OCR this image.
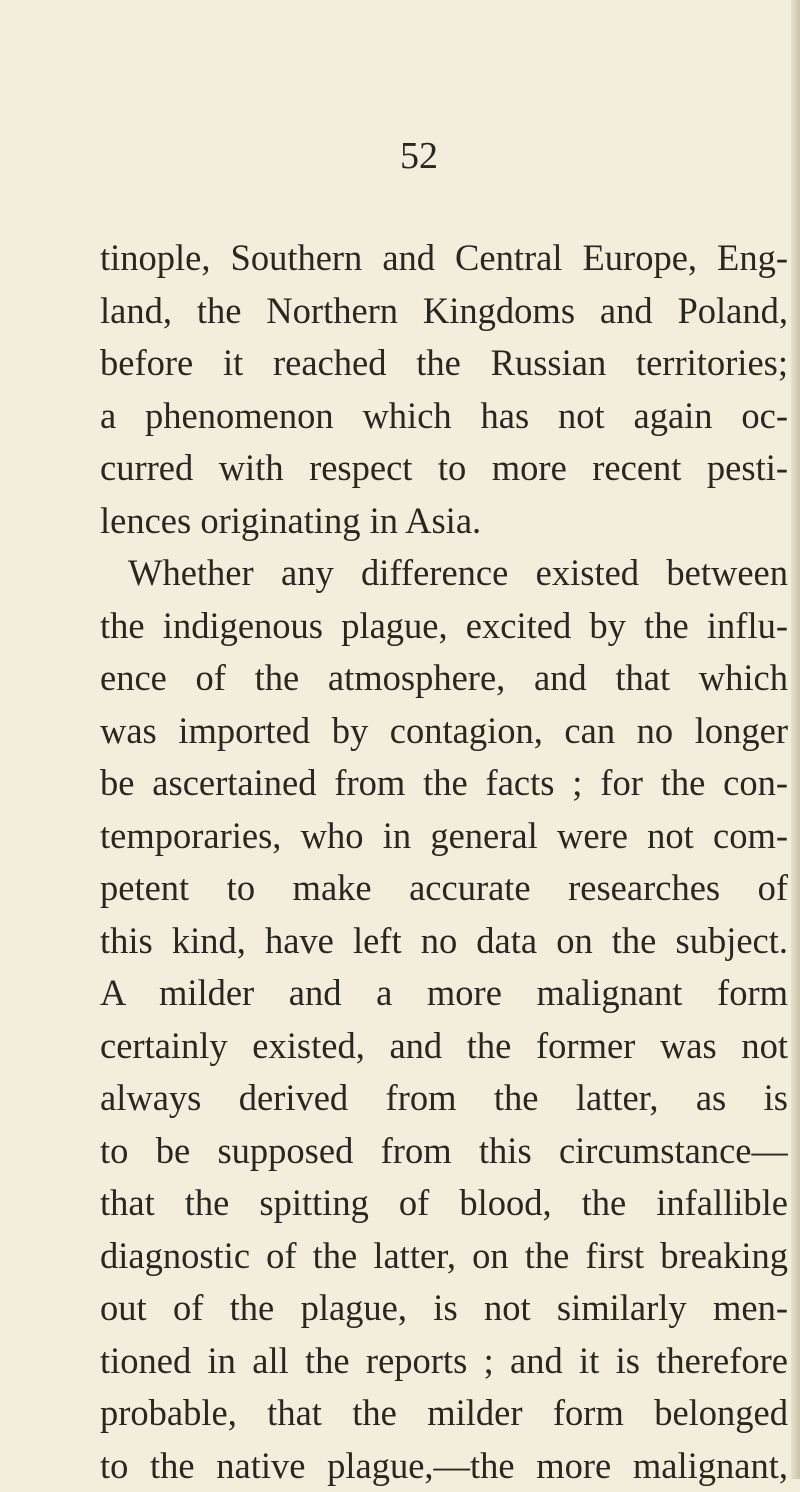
52
tinople, Southern and Central Europe, Eng-
land, the Northern Kingdoms and Poland,
before it reached the Russian territories;
a phenomenon which has not again oc-
curred with respect to more recent pesti-
lences originating in Asia.
Whether any difference existed between
the indigenous plague, excited by the influ-
ence of the atmosphere, and that which
was imported by contagion, can no longer
be ascertained from the facts ; for the con-
temporaries, who in general were not com-
petent to make accurate researches of
this kind, have left no data on the subject.
A milder and a more malignant form
certainly existed, and the former was not
always derived from the latter, as is
to be supposed from this circumstance—
that the spitting of blood, the infallible
diagnostic of the latter, on the first breaking
out of the plague, is not similarly men-
tioned in all the reports ; and it is therefore
probable, that the milder form belonged
to the native plague,—the more malignant,
